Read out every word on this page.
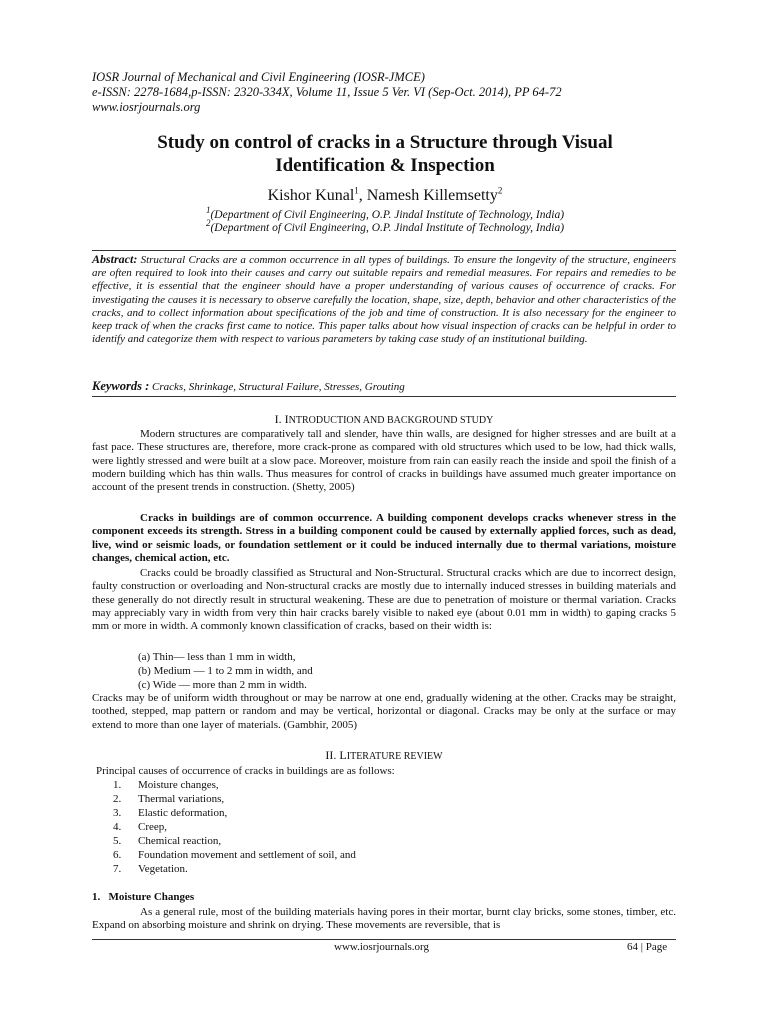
IOSR Journal of Mechanical and Civil Engineering (IOSR-JMCE)
e-ISSN: 2278-1684,p-ISSN: 2320-334X, Volume 11, Issue 5 Ver. VI (Sep-Oct. 2014), PP 64-72
www.iosrjournals.org
Study on control of cracks in a Structure through Visual
Identification & Inspection
Kishor Kunal$^1$, Namesh Killemsetty$^2$
$^1$(Department of Civil Engineering, O.P. Jindal Institute of Technology, India)
$^2$(Department of Civil Engineering, O.P. Jindal Institute of Technology, India)
Abstract: Structural Cracks are a common occurrence in all types of buildings. To ensure the longevity of the structure, engineers are often required to look into their causes and carry out suitable repairs and remedial measures. For repairs and remedies to be effective, it is essential that the engineer should have a proper understanding of various causes of occurrence of cracks. For investigating the causes it is necessary to observe carefully the location, shape, size, depth, behavior and other characteristics of the cracks, and to collect information about specifications of the job and time of construction. It is also necessary for the engineer to keep track of when the cracks first came to notice. This paper talks about how visual inspection of cracks can be helpful in order to identify and categorize them with respect to various parameters by taking case study of an institutional building.
Keywords : Cracks, Shrinkage, Structural Failure, Stresses, Grouting
I. INTRODUCTION AND BACKGROUND STUDY
Modern structures are comparatively tall and slender, have thin walls, are designed for higher stresses and are built at a fast pace. These structures are, therefore, more crack-prone as compared with old structures which used to be low, had thick walls, were lightly stressed and were built at a slow pace. Moreover, moisture from rain can easily reach the inside and spoil the finish of a modern building which has thin walls. Thus measures for control of cracks in buildings have assumed much greater importance on account of the present trends in construction. (Shetty, 2005)
Cracks in buildings are of common occurrence. A building component develops cracks whenever stress in the component exceeds its strength. Stress in a building component could be caused by externally applied forces, such as dead, live, wind or seismic loads, or foundation settlement or it could be induced internally due to thermal variations, moisture changes, chemical action, etc.
Cracks could be broadly classified as Structural and Non-Structural. Structural cracks which are due to incorrect design, faulty construction or overloading and Non-structural cracks are mostly due to internally induced stresses in building materials and these generally do not directly result in structural weakening. These are due to penetration of moisture or thermal variation. Cracks may appreciably vary in width from very thin hair cracks barely visible to naked eye (about 0.01 mm in width) to gaping cracks 5 mm or more in width. A commonly known classification of cracks, based on their width is:
(a) Thin— less than 1 mm in width,
(b) Medium — 1 to 2 mm in width, and
(c) Wide — more than 2 mm in width.
Cracks may be of uniform width throughout or may be narrow at one end, gradually widening at the other. Cracks may be straight, toothed, stepped, map pattern or random and may be vertical, horizontal or diagonal. Cracks may be only at the surface or may extend to more than one layer of materials. (Gambhir, 2005)
II. LITERATURE REVIEW
Principal causes of occurrence of cracks in buildings are as follows:
1. Moisture changes,
2. Thermal variations,
3. Elastic deformation,
4. Creep,
5. Chemical reaction,
6. Foundation movement and settlement of soil, and
7. Vegetation.
1.   Moisture Changes
As a general rule, most of the building materials having pores in their mortar, burnt clay bricks, some stones, timber, etc. Expand on absorbing moisture and shrink on drying. These movements are reversible, that is
www.iosrjournals.org	64 | Page
